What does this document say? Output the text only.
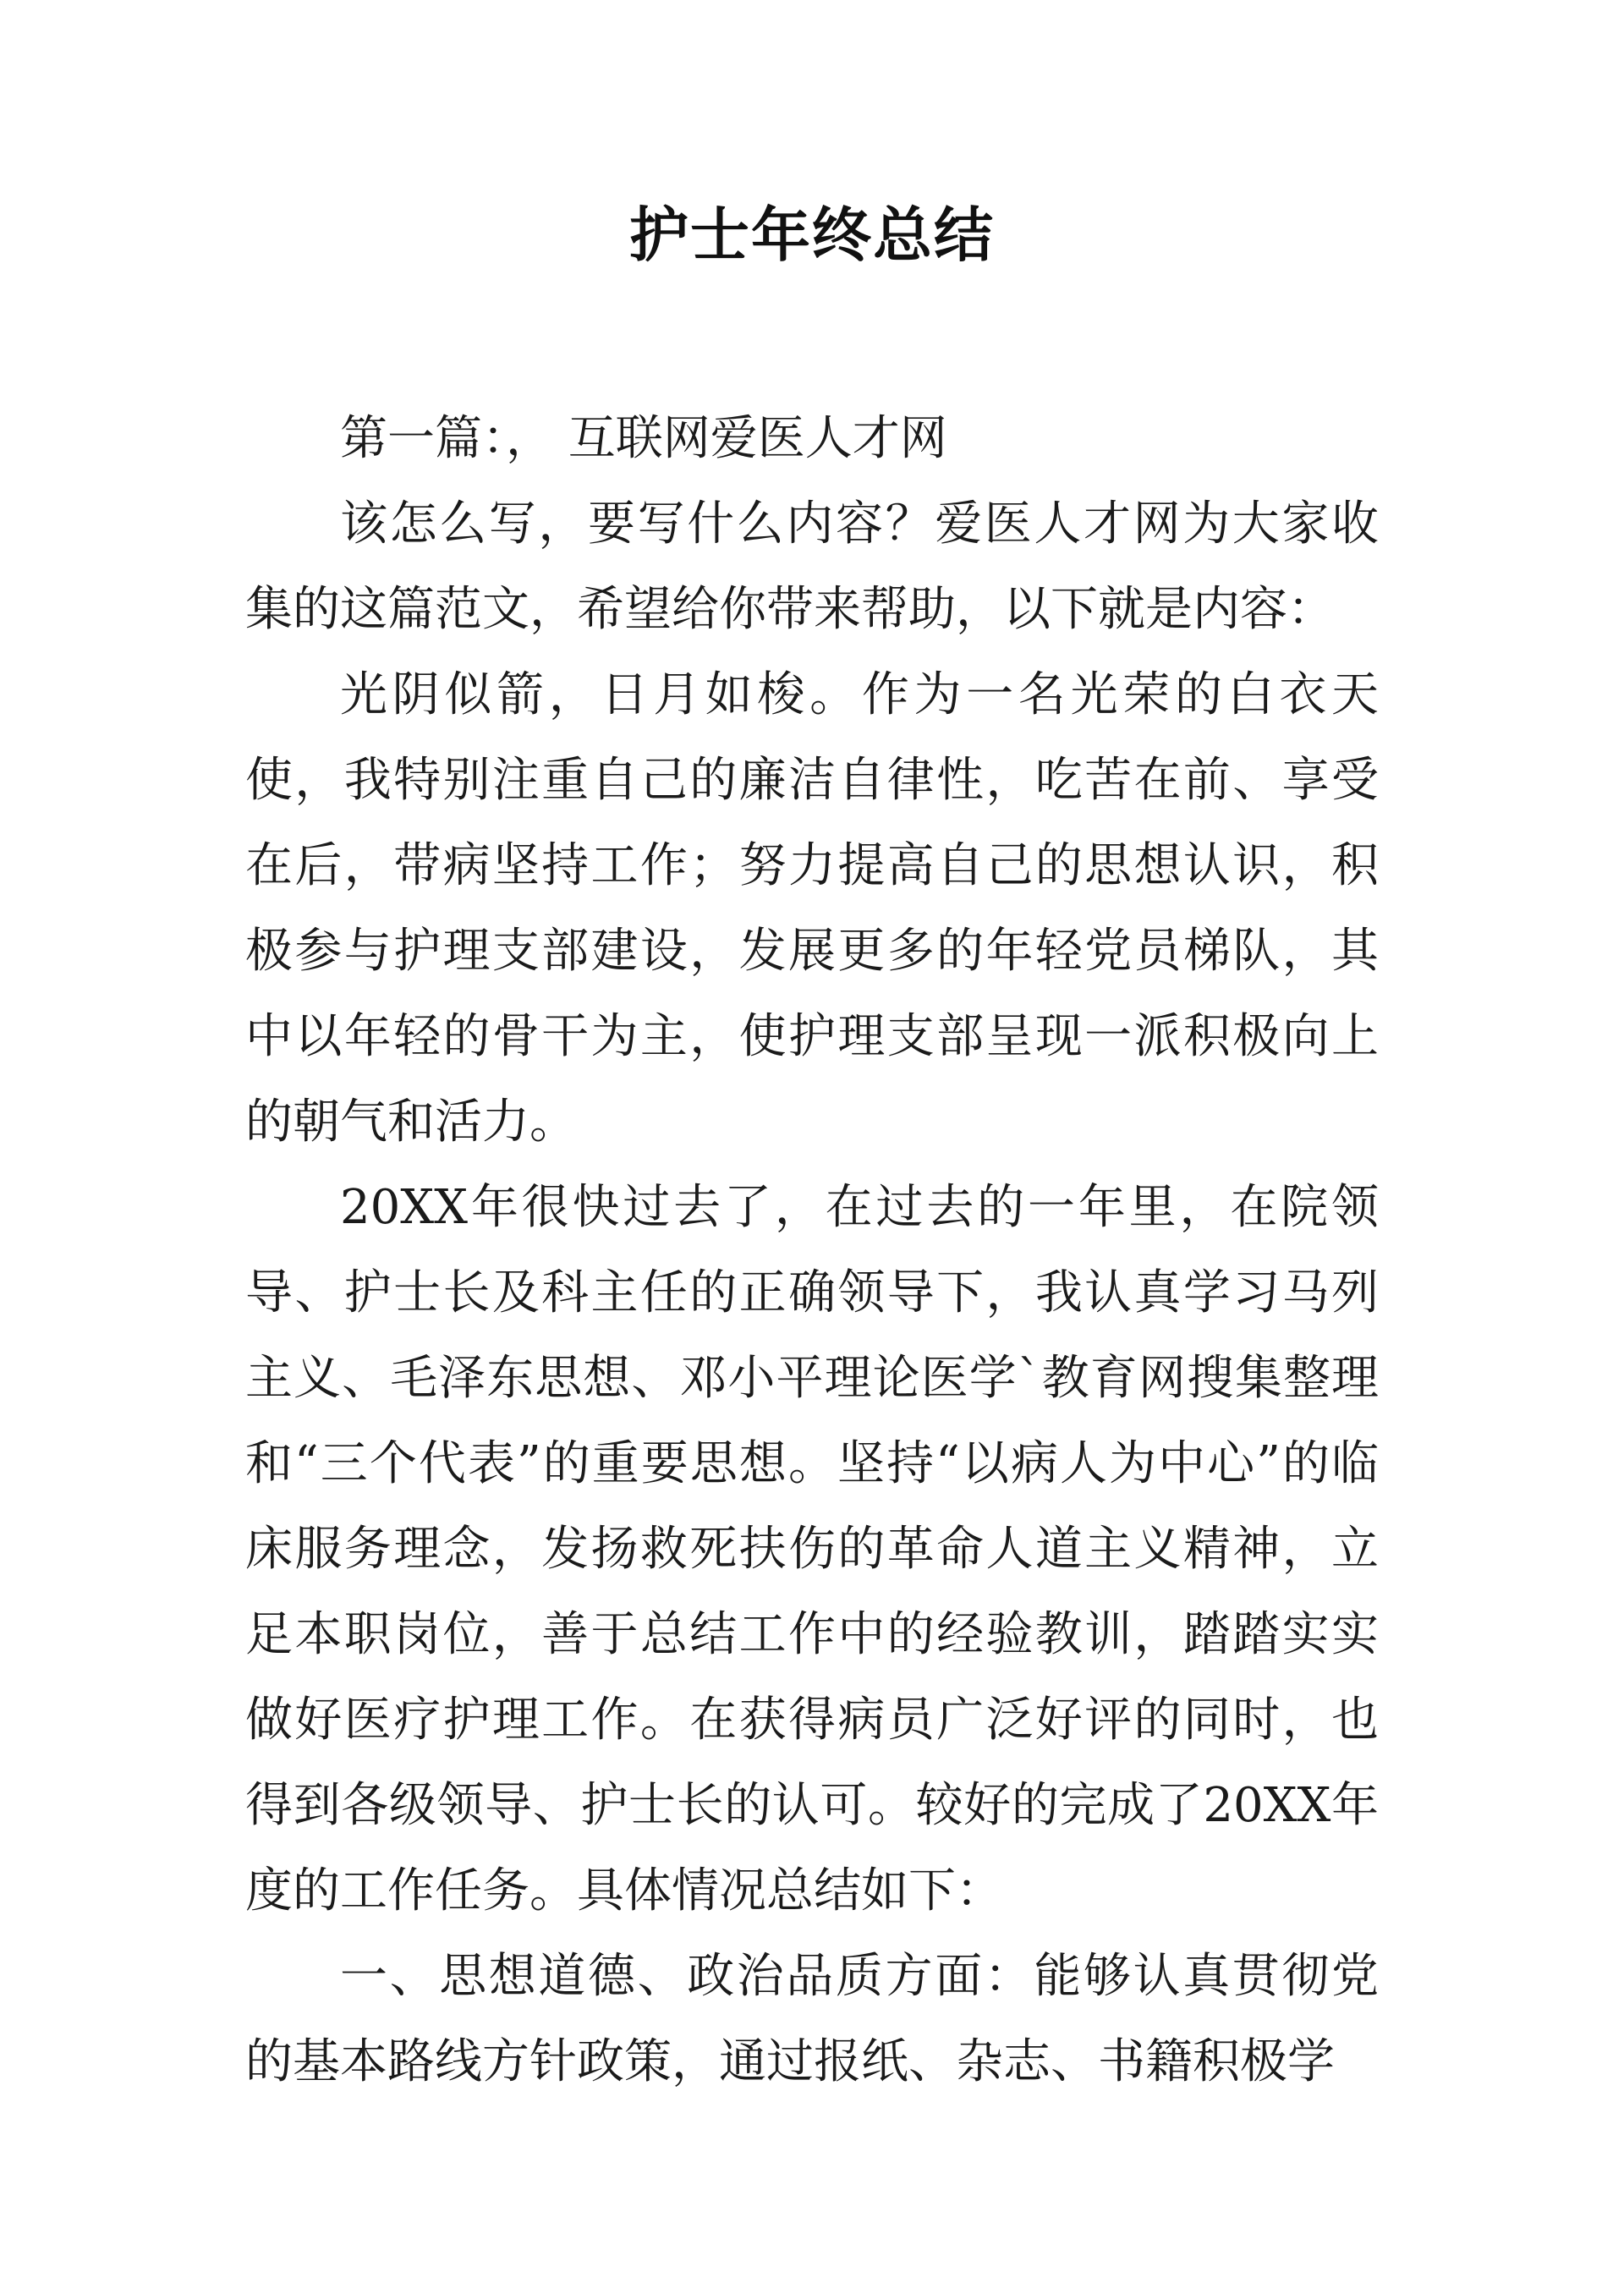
护士年终总结

第一篇：， 互联网爱医人才网

该怎么写，要写什么内容？爱医人才网为大家收集的这篇范文，希望给你带来帮助，以下就是内容：

光阴似箭，日月如梭。作为一名光荣的白衣天使，我特别注重自己的廉洁自律性，吃苦在前、享受在后，带病坚持工作；努力提高自己的思想认识，积极参与护理支部建设，发展更多的年轻党员梯队，其中以年轻的骨干为主，使护理支部呈现一派积极向上的朝气和活力。

20XX年很快过去了，在过去的一年里，在院领导、护士长及科主任的正确领导下，我认真学习马列主义、毛泽东思想、邓小平理论医学`教育网搜集整理和“三个代表”的重要思想。坚持“以病人为中心”的临床服务理念，发扬救死扶伤的革命人道主义精神，立足本职岗位，善于总结工作中的经验教训，踏踏实实做好医疗护理工作。在获得病员广泛好评的同时，也得到各级领导、护士长的认可。较好的完成了20XX年度的工作任务。具体情况总结如下：

一、思想道德、政治品质方面：能够认真贯彻党的基本路线方针政策，通过报纸、杂志、书籍积极学
